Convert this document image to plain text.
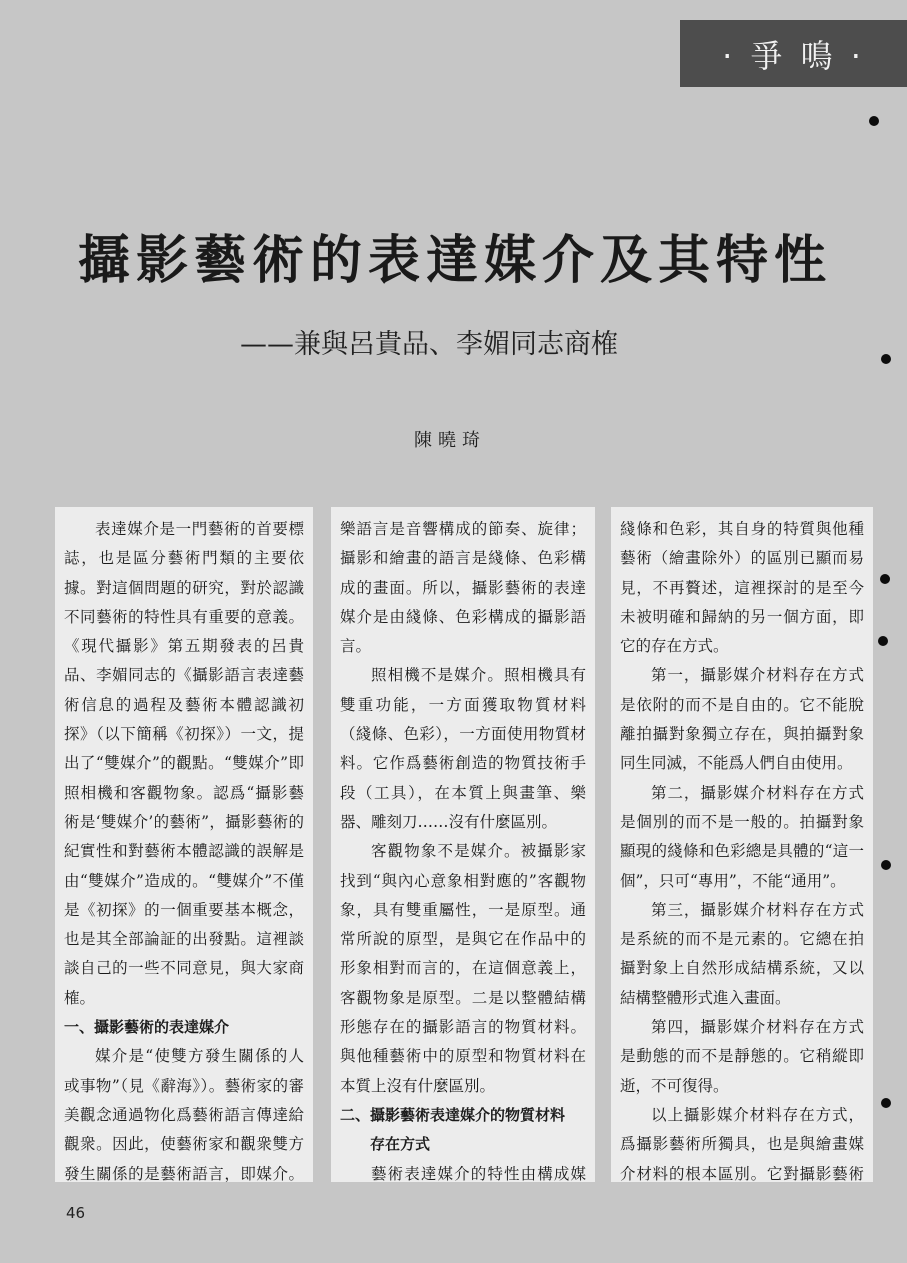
· 爭 鳴 ·
攝影藝術的表達媒介及其特性
——兼與呂貴品、李媚同志商榷
陳曉琦

表達媒介是一門藝術的首要標誌，也是區分藝術門類的主要依據。對這個問題的研究，對於認識不同藝術的特性具有重要的意義。《現代攝影》第五期發表的呂貴品、李媚同志的《攝影語言表達藝術信息的過程及藝術本體認識初探》（以下簡稱《初探》）一文，提出了“雙媒介”的觀點。“雙媒介”即照相機和客觀物象。認爲“攝影藝術是‘雙媒介’的藝術”，攝影藝術的紀實性和對藝術本體認識的誤解是由“雙媒介”造成的。“雙媒介”不僅是《初探》的一個重要基本概念，也是其全部論証的出發點。這裡談談自己的一些不同意見，與大家商榷。

一、攝影藝術的表達媒介

媒介是“使雙方發生關係的人或事物”（見《辭海》）。藝術家的審美觀念通過物化爲藝術語言傳達給觀衆。因此，使藝術家和觀衆雙方發生關係的是藝術語言，即媒介。

樂語言是音響構成的節奏、旋律；攝影和繪畫的語言是綫條、色彩構成的畫面。所以，攝影藝術的表達媒介是由綫條、色彩構成的攝影語言。

照相機不是媒介。照相機具有雙重功能，一方面獲取物質材料（綫條、色彩），一方面使用物質材料。它作爲藝術創造的物質技術手段（工具），在本質上與畫筆、樂器、雕刻刀……沒有什麼區別。

客觀物象不是媒介。被攝影家找到“與內心意象相對應的”客觀物象，具有雙重屬性，一是原型。通常所說的原型，是與它在作品中的形象相對而言的，在這個意義上，客觀物象是原型。二是以整體結構形態存在的攝影語言的物質材料。與他種藝術中的原型和物質材料在本質上沒有什麼區別。

二、攝影藝術表達媒介的物質材料

存在方式

藝術表達媒介的特性由構成媒

綫條和色彩，其自身的特質與他種藝術（繪畫除外）的區別已顯而易見，不再贅述，這裡探討的是至今未被明確和歸納的另一個方面，即它的存在方式。

第一，攝影媒介材料存在方式是依附的而不是自由的。它不能脫離拍攝對象獨立存在，與拍攝對象同生同滅，不能爲人們自由使用。

第二，攝影媒介材料存在方式是個別的而不是一般的。拍攝對象顯現的綫條和色彩總是具體的“這一個”，只可“專用”，不能“通用”。

第三，攝影媒介材料存在方式是系統的而不是元素的。它總在拍攝對象上自然形成結構系統，又以結構整體形式進入畫面。

第四，攝影媒介材料存在方式是動態的而不是靜態的。它稍縱即逝，不可復得。

以上攝影媒介材料存在方式，爲攝影藝術所獨具，也是與繪畫媒介材料的根本區別。它對攝影藝術

46
